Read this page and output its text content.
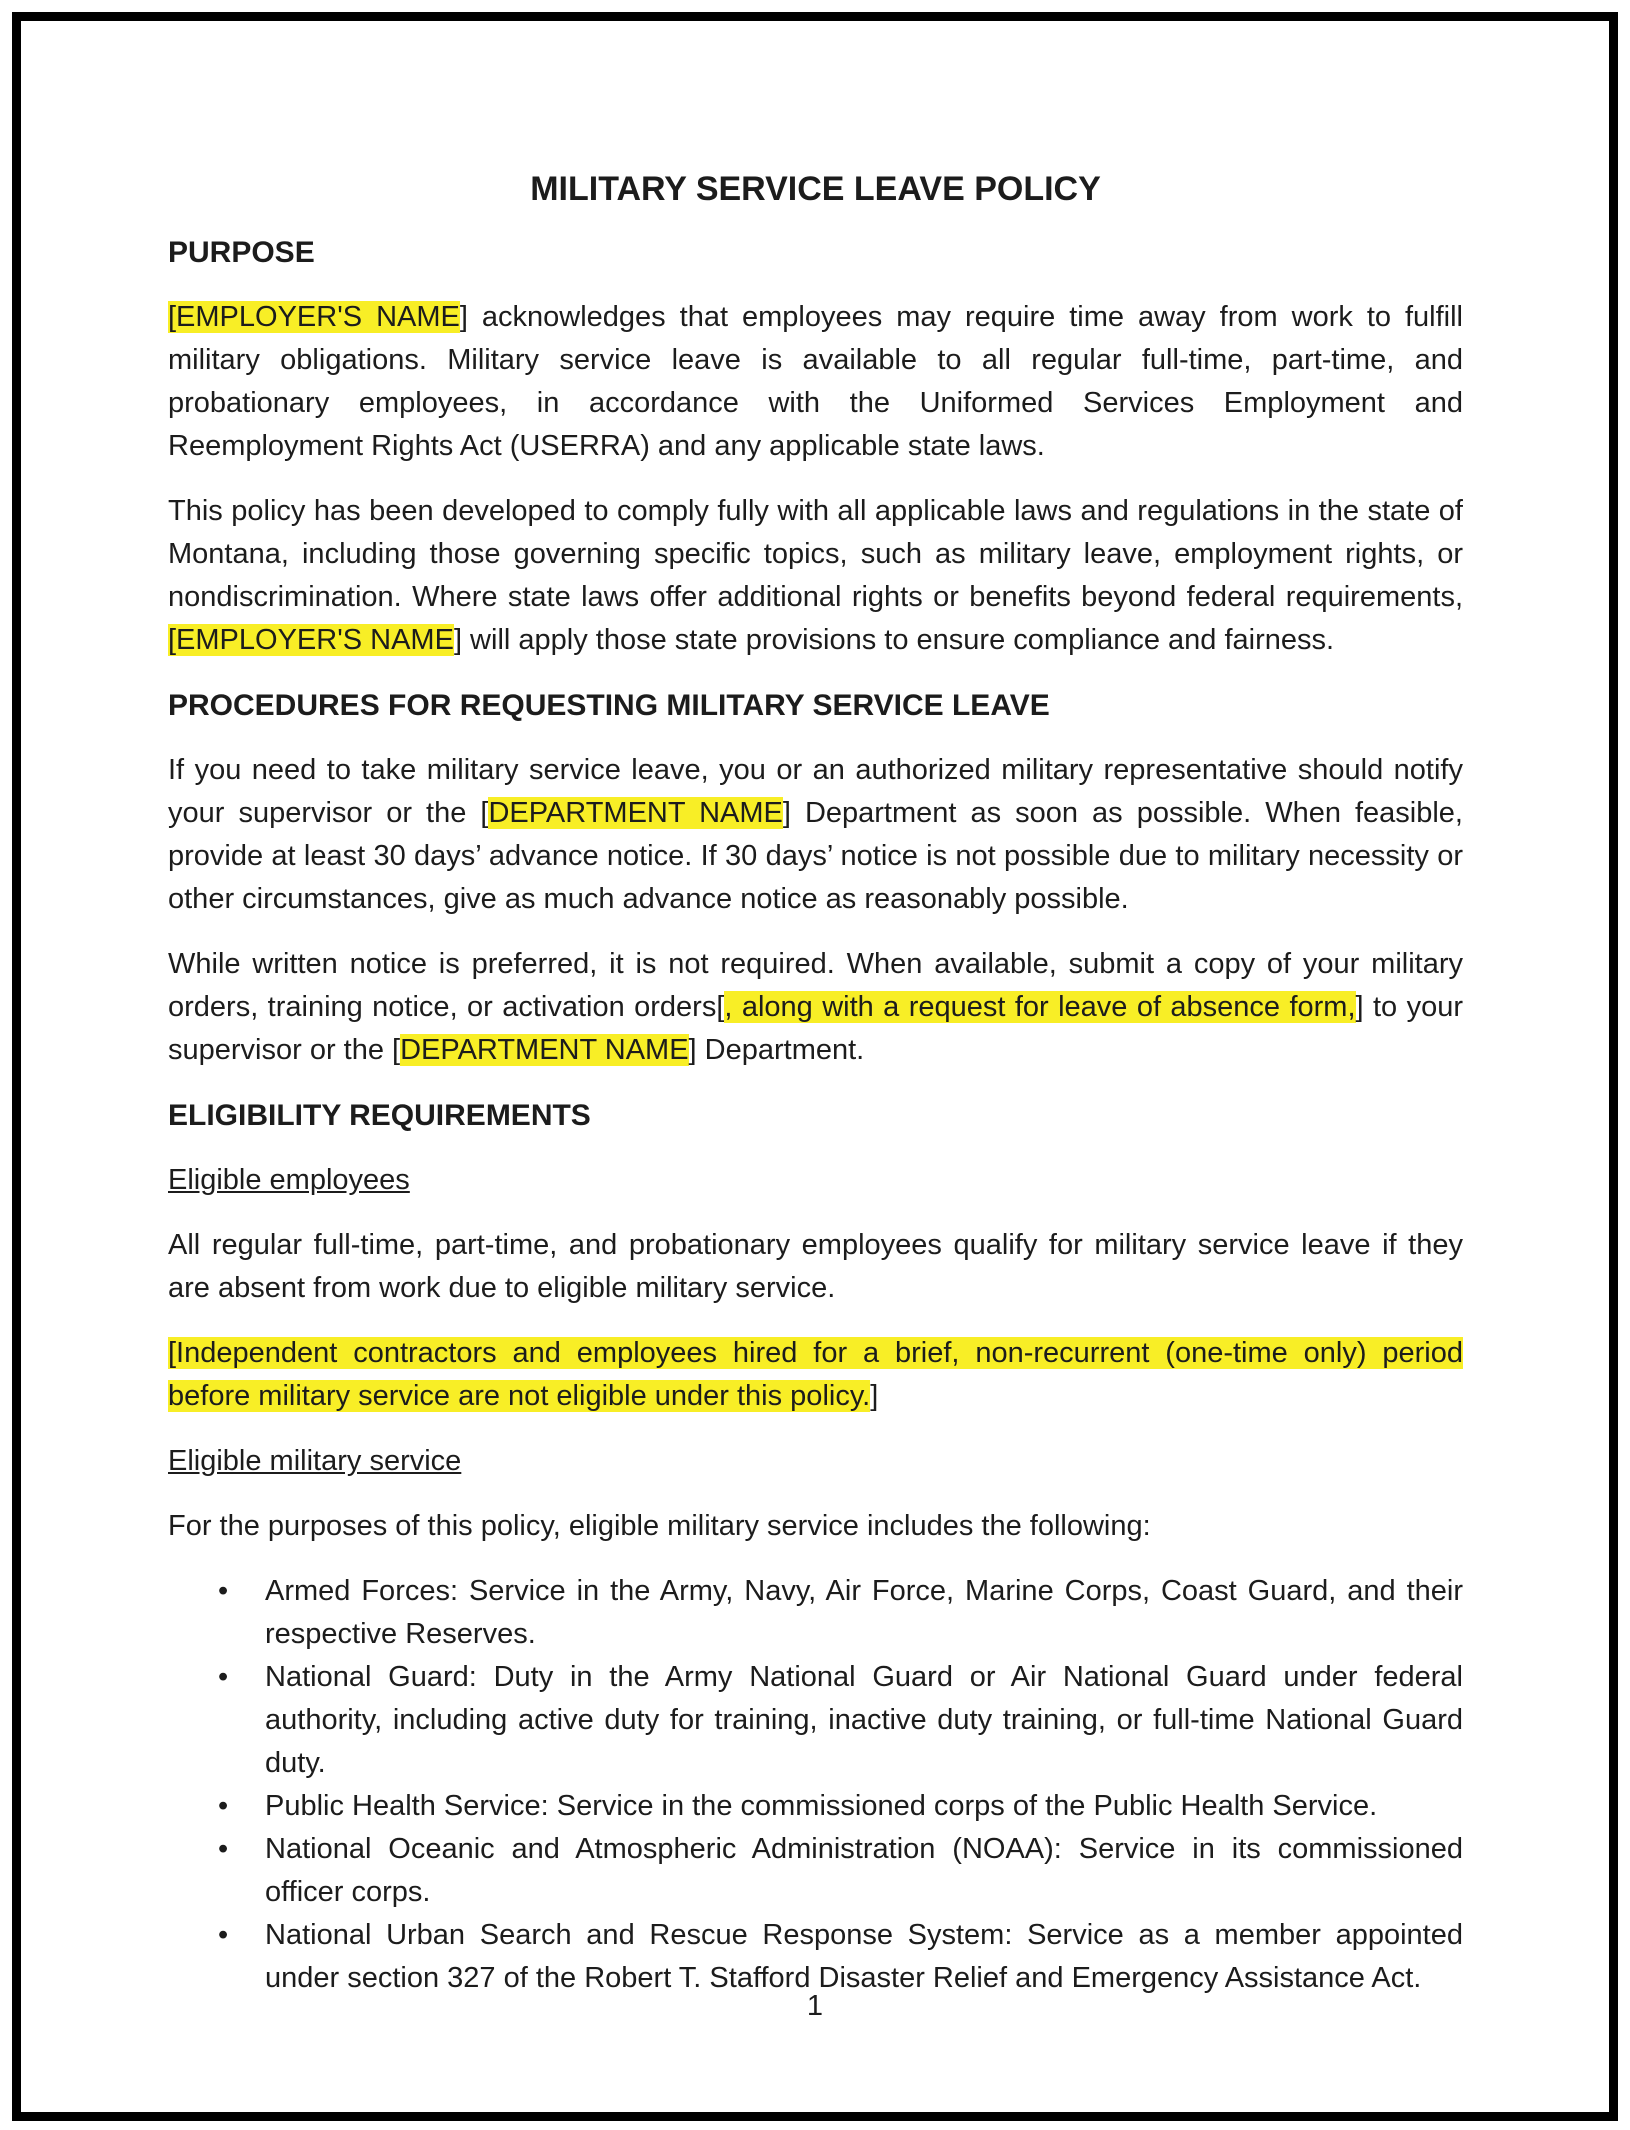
MILITARY SERVICE LEAVE POLICY
PURPOSE

[EMPLOYER'S NAME] acknowledges that employees may require time away from work to fulfill military obligations. Military service leave is available to all regular full-time, part-time, and probationary employees, in accordance with the Uniformed Services Employment and Reemployment Rights Act (USERRA) and any applicable state laws.

This policy has been developed to comply fully with all applicable laws and regulations in the state of Montana, including those governing specific topics, such as military leave, employment rights, or nondiscrimination. Where state laws offer additional rights or benefits beyond federal requirements, [EMPLOYER'S NAME] will apply those state provisions to ensure compliance and fairness.

PROCEDURES FOR REQUESTING MILITARY SERVICE LEAVE

If you need to take military service leave, you or an authorized military representative should notify your supervisor or the [DEPARTMENT NAME] Department as soon as possible. When feasible, provide at least 30 days’ advance notice. If 30 days’ notice is not possible due to military necessity or other circumstances, give as much advance notice as reasonably possible.

While written notice is preferred, it is not required. When available, submit a copy of your military orders, training notice, or activation orders[, along with a request for leave of absence form,] to your supervisor or the [DEPARTMENT NAME] Department.

ELIGIBILITY REQUIREMENTS
Eligible employees

All regular full-time, part-time, and probationary employees qualify for military service leave if they are absent from work due to eligible military service.

[Independent contractors and employees hired for a brief, non-recurrent (one-time only) period before military service are not eligible under this policy.]

Eligible military service

For the purposes of this policy, eligible military service includes the following:

• Armed Forces: Service in the Army, Navy, Air Force, Marine Corps, Coast Guard, and their respective Reserves.
• National Guard: Duty in the Army National Guard or Air National Guard under federal authority, including active duty for training, inactive duty training, or full-time National Guard duty.
• Public Health Service: Service in the commissioned corps of the Public Health Service.
• National Oceanic and Atmospheric Administration (NOAA): Service in its commissioned officer corps.
• National Urban Search and Rescue Response System: Service as a member appointed under section 327 of the Robert T. Stafford Disaster Relief and Emergency Assistance Act.
1
